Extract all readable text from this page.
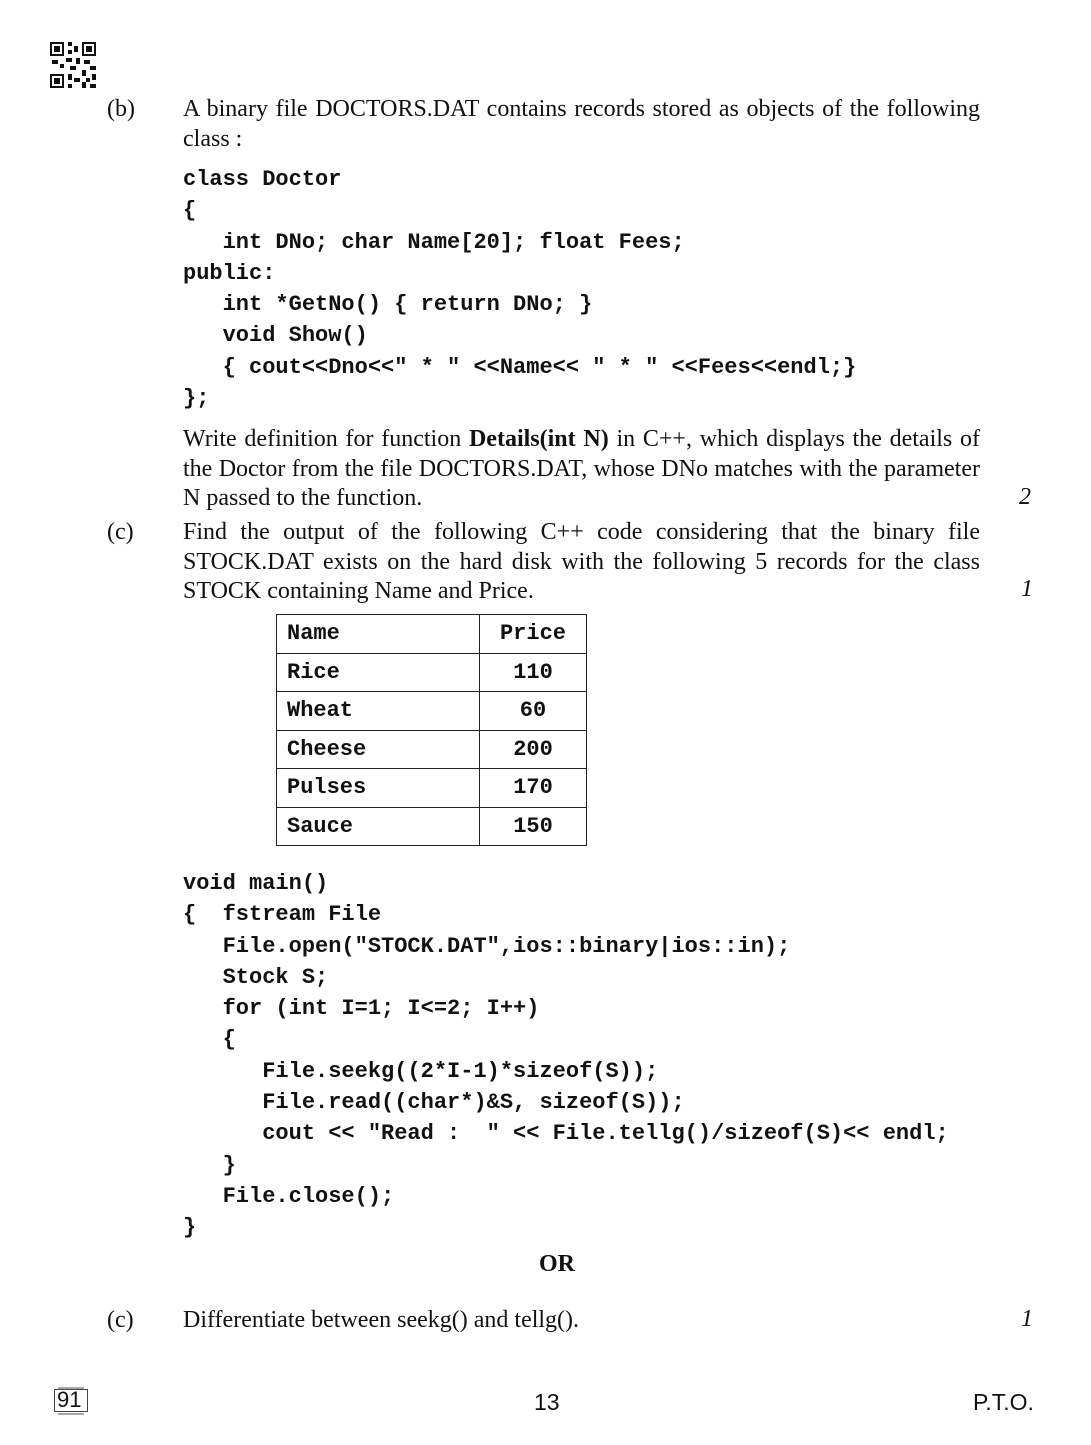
(b) A binary file DOCTORS.DAT contains records stored as objects of the following class :
class Doctor
{
int DNo; char Name[20]; float Fees;
public:
int *GetNo() { return DNo; }
void Show()
{ cout<<Dno<<" * " <<Name<< " * " <<Fees<<endl;}
};
Write definition for function Details(int N) in C++, which displays the details of the Doctor from the file DOCTORS.DAT, whose DNo matches with the parameter N passed to the function.	2
(c) Find the output of the following C++ code considering that the binary file STOCK.DAT exists on the hard disk with the following 5 records for the class STOCK containing Name and Price.	1
Name	Price
Rice	110
Wheat	60
Cheese	200
Pulses	170
Sauce	150
void main()
{  fstream File
File.open("STOCK.DAT",ios::binary|ios::in);
Stock S;
for (int I=1; I<=2; I++)
{
File.seekg((2*I-1)*sizeof(S));
File.read((char*)&S, sizeof(S));
cout << "Read :  " << File.tellg()/sizeof(S)<< endl;
}
File.close();
}
OR
(c) Differentiate between seekg() and tellg().	1
91	13	P.T.O.
